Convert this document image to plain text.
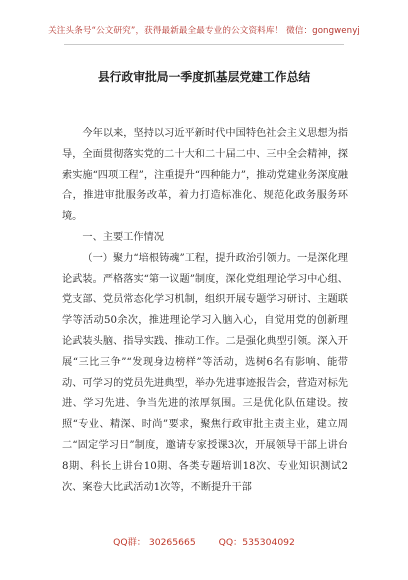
关注头条号“公文研究”，获得最新最全最专业的公文资料库！ 微信：gongwenyj
县行政审批局一季度抓基层党建工作总结

今年以来，坚持以习近平新时代中国特色社会主义思想为指导，全面贯彻落实党的二十大和二十届二中、三中全会精神，探索实施“四项工程”，注重提升“四种能力”，推动党建业务深度融合，推进审批服务改革，着力打造标准化、规范化政务服务环境。

一、主要工作情况

（一）聚力“培根铸魂”工程，提升政治引领力。一是深化理论武装。严格落实“第一议题”制度，深化党组理论学习中心组、党支部、党员常态化学习机制，组织开展专题学习研讨、主题联学等活动50余次，推进理论学习入脑入心，自觉用党的创新理论武装头脑、指导实践、推动工作。二是强化典型引领。深入开展“三比三争”“发现身边榜样”等活动，选树6名有影响、能带动、可学习的党员先进典型，举办先进事迹报告会，营造对标先进、学习先进、争当先进的浓厚氛围。三是优化队伍建设。按照“专业、精深、时尚”要求，聚焦行政审批主责主业，建立周二“固定学习日”制度，邀请专家授课3次，开展领导干部上讲台8期、科长上讲台10期、各类专题培训18次、专业知识测试2次、案卷大比武活动1次等，不断提升干部

QQ群： 30265665 QQ：535304092
